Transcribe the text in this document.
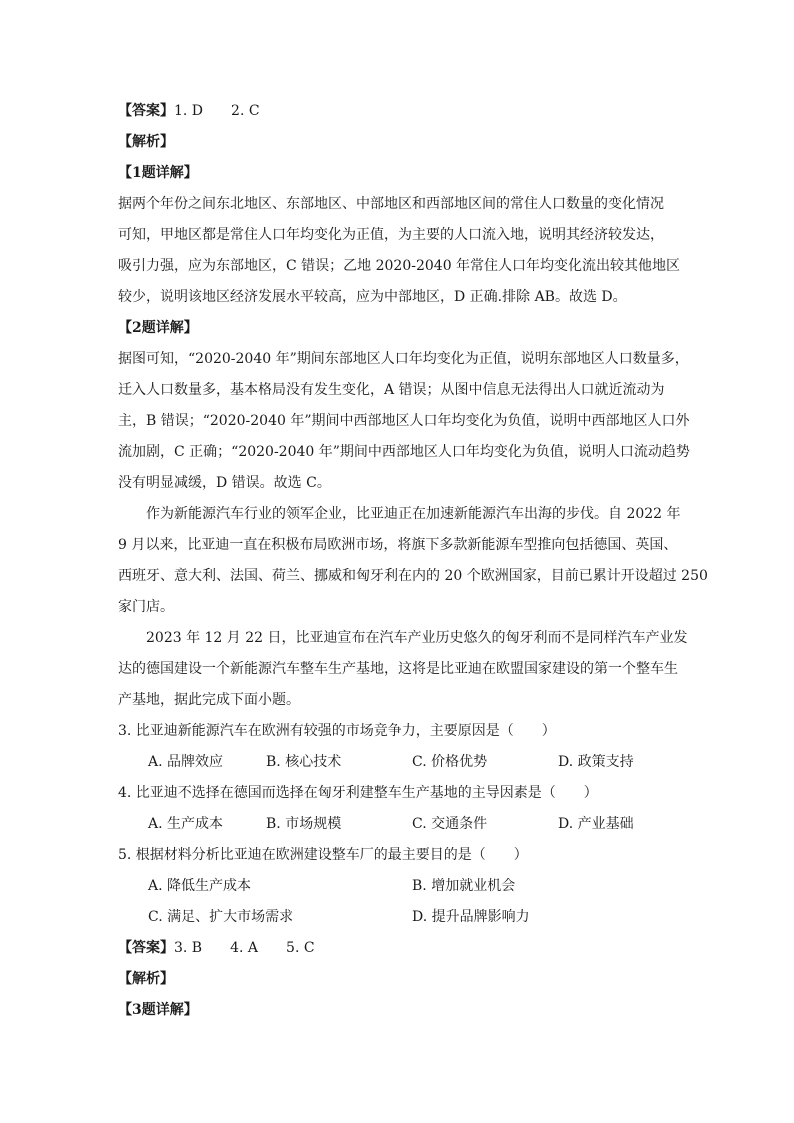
【答案】1. D 2. C
【解析】
【1题详解】
据两个年份之间东北地区、东部地区、中部地区和西部地区间的常住人口数量的变化情况
可知，甲地区都是常住人口年均变化为正值，为主要的人口流入地，说明其经济较发达，
吸引力强，应为东部地区，C 错误；乙地 2020-2040 年常住人口年均变化流出较其他地区
较少，说明该地区经济发展水平较高，应为中部地区，D 正确.排除 AB。故选 D。
【2题详解】
据图可知，“2020-2040 年”期间东部地区人口年均变化为正值，说明东部地区人口数量多，
迁入人口数量多，基本格局没有发生变化，A 错误；从图中信息无法得出人口就近流动为
主，B 错误；“2020-2040 年”期间中西部地区人口年均变化为负值，说明中西部地区人口外
流加剧，C 正确；“2020-2040 年”期间中西部地区人口年均变化为负值，说明人口流动趋势
没有明显减缓，D 错误。故选 C。
作为新能源汽车行业的领军企业，比亚迪正在加速新能源汽车出海的步伐。自 2022 年
9 月以来，比亚迪一直在积极布局欧洲市场，将旗下多款新能源车型推向包括德国、英国、
西班牙、意大利、法国、荷兰、挪威和匈牙利在内的 20 个欧洲国家，目前已累计开设超过 250
家门店。
2023 年 12 月 22 日，比亚迪宣布在汽车产业历史悠久的匈牙利而不是同样汽车产业发
达的德国建设一个新能源汽车整车生产基地，这将是比亚迪在欧盟国家建设的第一个整车生
产基地，据此完成下面小题。
3. 比亚迪新能源汽车在欧洲有较强的市场竞争力，主要原因是（　　）
A. 品牌效应	B. 核心技术	C. 价格优势	D. 政策支持
4. 比亚迪不选择在德国而选择在匈牙利建整车生产基地的主导因素是（　　）
A. 生产成本	B. 市场规模	C. 交通条件	D. 产业基础
5. 根据材料分析比亚迪在欧洲建设整车厂的最主要目的是（　　）
A. 降低生产成本	B. 增加就业机会
C. 满足、扩大市场需求	D. 提升品牌影响力
【答案】3. B 4. A 5. C
【解析】
【3题详解】
